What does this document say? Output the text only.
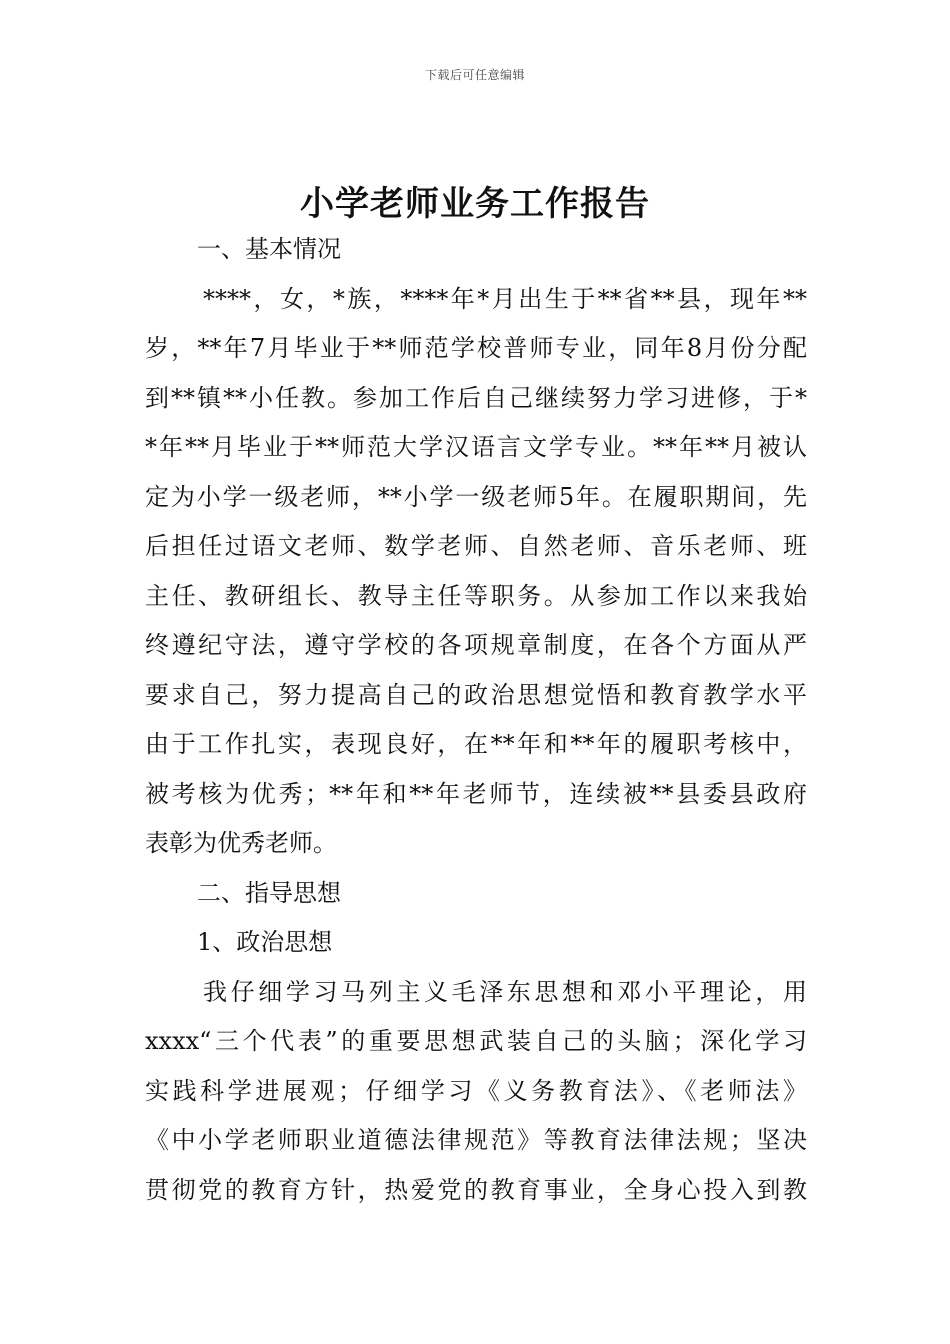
下载后可任意编辑
小学老师业务工作报告
一、基本情况
****，女，*族，****年*月出生于**省**县，现年**
岁，**年7月毕业于**师范学校普师专业，同年8月份分配
到**镇**小任教。参加工作后自己继续努力学习进修，于*
*年**月毕业于**师范大学汉语言文学专业。**年**月被认
定为小学一级老师，**小学一级老师5年。在履职期间，先
后担任过语文老师、数学老师、自然老师、音乐老师、班
主任、教研组长、教导主任等职务。从参加工作以来我始
终遵纪守法，遵守学校的各项规章制度，在各个方面从严
要求自己，努力提高自己的政治思想觉悟和教育教学水平
由于工作扎实，表现良好，在**年和**年的履职考核中，
被考核为优秀；**年和**年老师节，连续被**县委县政府
表彰为优秀老师。
二、指导思想
1、政治思想
我仔细学习马列主义毛泽东思想和邓小平理论，用
xxxx“三个代表”的重要思想武装自己的头脑；深化学习
实践科学进展观；仔细学习《义务教育法》、《老师法》
《中小学老师职业道德法律规范》等教育法律法规；坚决
贯彻党的教育方针，热爱党的教育事业，全身心投入到教
